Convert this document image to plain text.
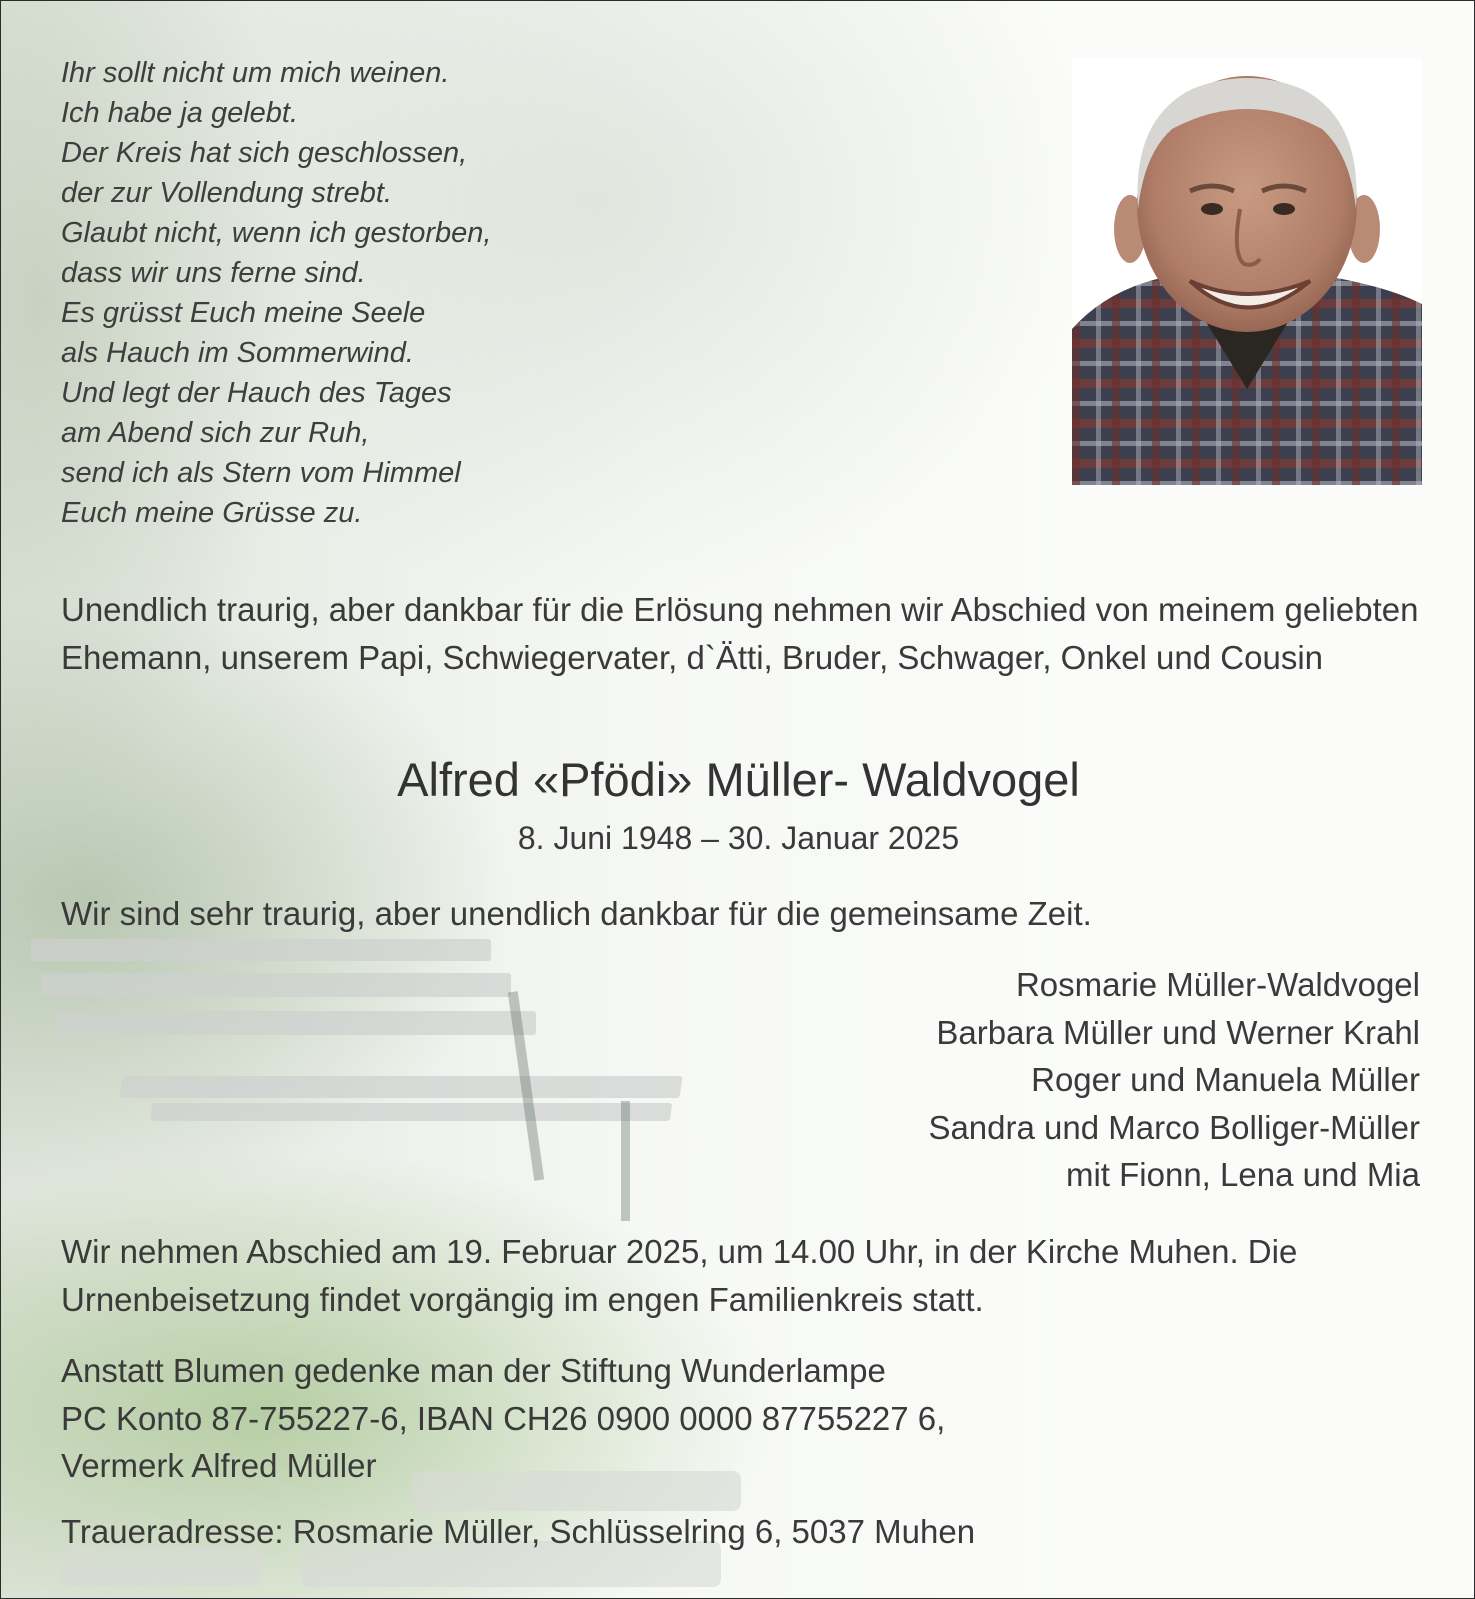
Ihr sollt nicht um mich weinen.
Ich habe ja gelebt.
Der Kreis hat sich geschlossen,
der zur Vollendung strebt.
Glaubt nicht, wenn ich gestorben,
dass wir uns ferne sind.
Es grüsst Euch meine Seele
als Hauch im Sommerwind.
Und legt der Hauch des Tages
am Abend sich zur Ruh,
send ich als Stern vom Himmel
Euch meine Grüsse zu.
Unendlich traurig, aber dankbar für die Erlösung nehmen wir Abschied von meinem geliebten Ehemann, unserem Papi, Schwiegervater, d`Ätti, Bruder, Schwager, Onkel und Cousin
Alfred «Pfödi» Müller- Waldvogel
8. Juni 1948 – 30. Januar 2025
Wir sind sehr traurig, aber unendlich dankbar für die gemeinsame Zeit.
Rosmarie Müller-Waldvogel
Barbara Müller und Werner Krahl
Roger und Manuela Müller
Sandra und Marco Bolliger-Müller
mit Fionn, Lena und Mia
Wir nehmen Abschied am 19. Februar 2025, um 14.00 Uhr, in der Kirche Muhen. Die Urnenbeisetzung findet vorgängig im engen Familienkreis statt.
Anstatt Blumen gedenke man der Stiftung Wunderlampe
PC Konto 87-755227-6, IBAN CH26 0900 0000 87755227 6,
Vermerk Alfred Müller
Traueradresse: Rosmarie Müller, Schlüsselring 6, 5037 Muhen
